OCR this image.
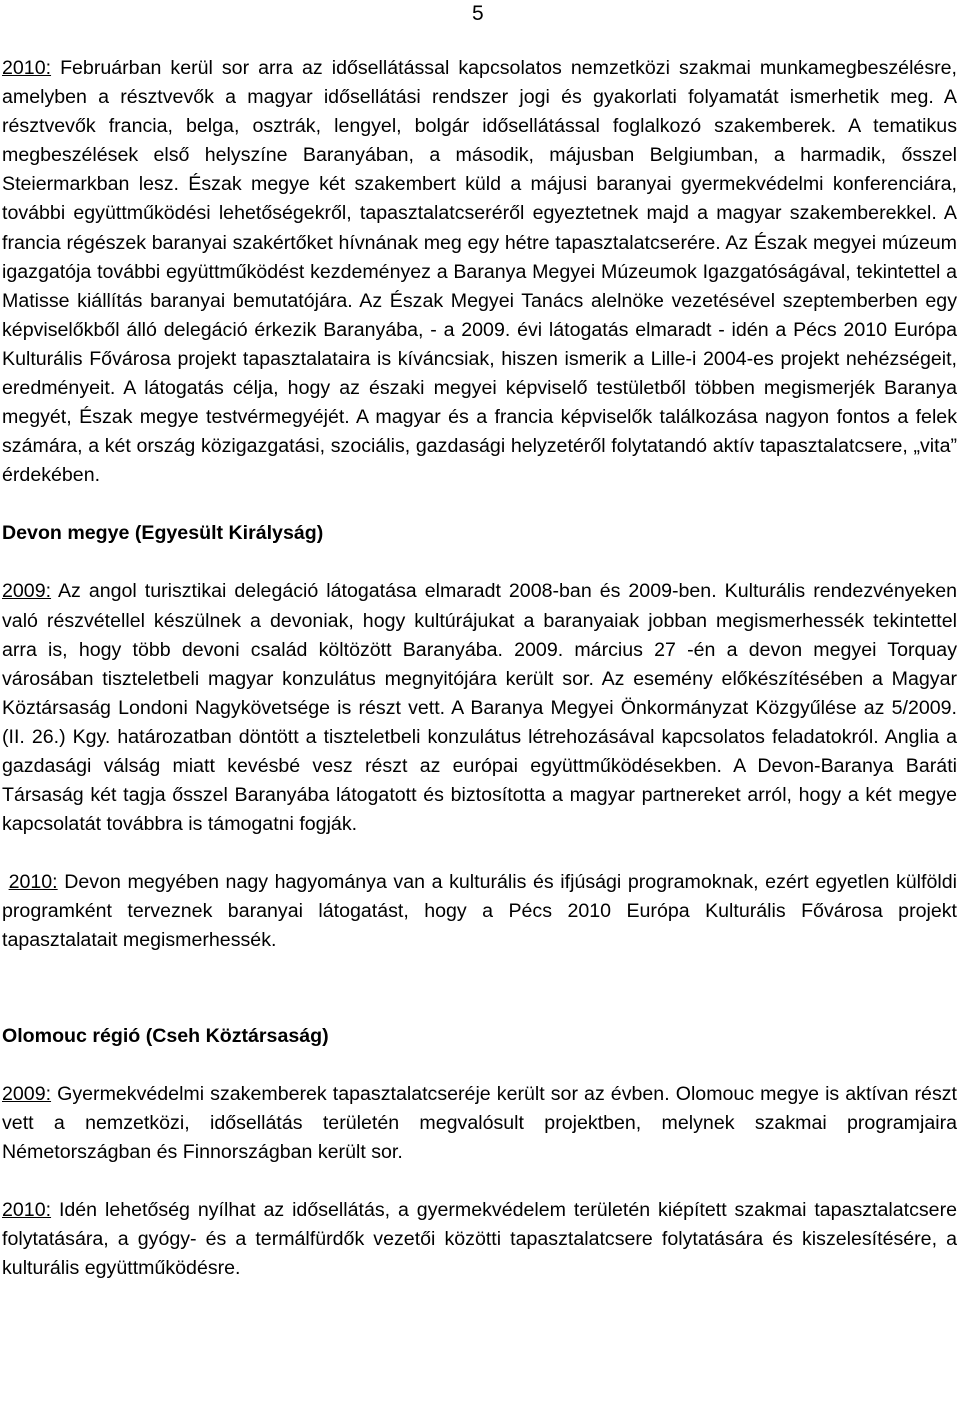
5

2010: Februárban kerül sor arra az idősellátással kapcsolatos nemzetközi szakmai munkamegbeszélésre, amelyben a résztvevők a magyar idősellátási rendszer jogi és gyakorlati folyamatát ismerhetik meg. A résztvevők francia, belga, osztrák, lengyel, bolgár idősellátással foglalkozó szakemberek. A tematikus megbeszélések első helyszíne Baranyában, a második, májusban Belgiumban, a harmadik, ősszel Steiermarkban lesz. Észak megye két szakembert küld a májusi baranyai gyermekvédelmi konferenciára, további együttműködési lehetőségekről, tapasztalatcseréről egyeztetnek majd a magyar szakemberekkel. A francia régészek baranyai szakértőket hívnának meg egy hétre tapasztalatcserére. Az Észak megyei múzeum igazgatója további együttműködést kezdeményez a Baranya Megyei Múzeumok Igazgatóságával, tekintettel a Matisse kiállítás baranyai bemutatójára. Az Észak Megyei Tanács alelnöke vezetésével szeptemberben egy képviselőkből álló delegáció érkezik Baranyába, - a 2009. évi látogatás elmaradt - idén a Pécs 2010 Európa Kulturális Fővárosa projekt tapasztalataira is kíváncsiak, hiszen ismerik a Lille-i 2004-es projekt nehézségeit, eredményeit. A látogatás célja, hogy az északi megyei képviselő testületből többen megismerjék Baranya megyét, Észak megye testvérmegyéjét. A magyar és a francia képviselők találkozása nagyon fontos a felek számára, a két ország közigazgatási, szociális, gazdasági helyzetéről folytatandó aktív tapasztalatcsere, „vita” érdekében.

Devon megye (Egyesült Királyság)

2009: Az angol turisztikai delegáció látogatása elmaradt 2008-ban és 2009-ben. Kulturális rendezvényeken való részvétellel készülnek a devoniak, hogy kultúrájukat a baranyaiak jobban megismerhessék tekintettel arra is, hogy több devoni család költözött Baranyába. 2009. március 27 -én a devon megyei Torquay városában tiszteletbeli magyar konzulátus megnyitójára került sor. Az esemény előkészítésében a Magyar Köztársaság Londoni Nagykövetsége is részt vett. A Baranya Megyei Önkormányzat Közgyűlése az 5/2009. (II. 26.) Kgy. határozatban döntött a tiszteletbeli konzulátus létrehozásával kapcsolatos feladatokról. Anglia a gazdasági válság miatt kevésbé vesz részt az európai együttműködésekben. A Devon-Baranya Baráti Társaság két tagja ősszel Baranyába látogatott és biztosította a magyar partnereket arról, hogy a két megye kapcsolatát továbbra is támogatni fogják.

2010: Devon megyében nagy hagyománya van a kulturális és ifjúsági programoknak, ezért egyetlen külföldi programként terveznek baranyai látogatást, hogy a Pécs 2010 Európa Kulturális Fővárosa projekt tapasztalatait megismerhessék.

Olomouc régió (Cseh Köztársaság)

2009: Gyermekvédelmi szakemberek tapasztalatcseréje került sor az évben. Olomouc megye is aktívan részt vett a nemzetközi, idősellátás területén megvalósult projektben, melynek szakmai programjaira Németországban és Finnországban került sor.

2010: Idén lehetőség nyílhat az idősellátás, a gyermekvédelem területén kiépített szakmai tapasztalatcsere folytatására, a gyógy- és a termálfürdők vezetői közötti tapasztalatcsere folytatására és kiszelesítésére, a kulturális együttműködésre.
